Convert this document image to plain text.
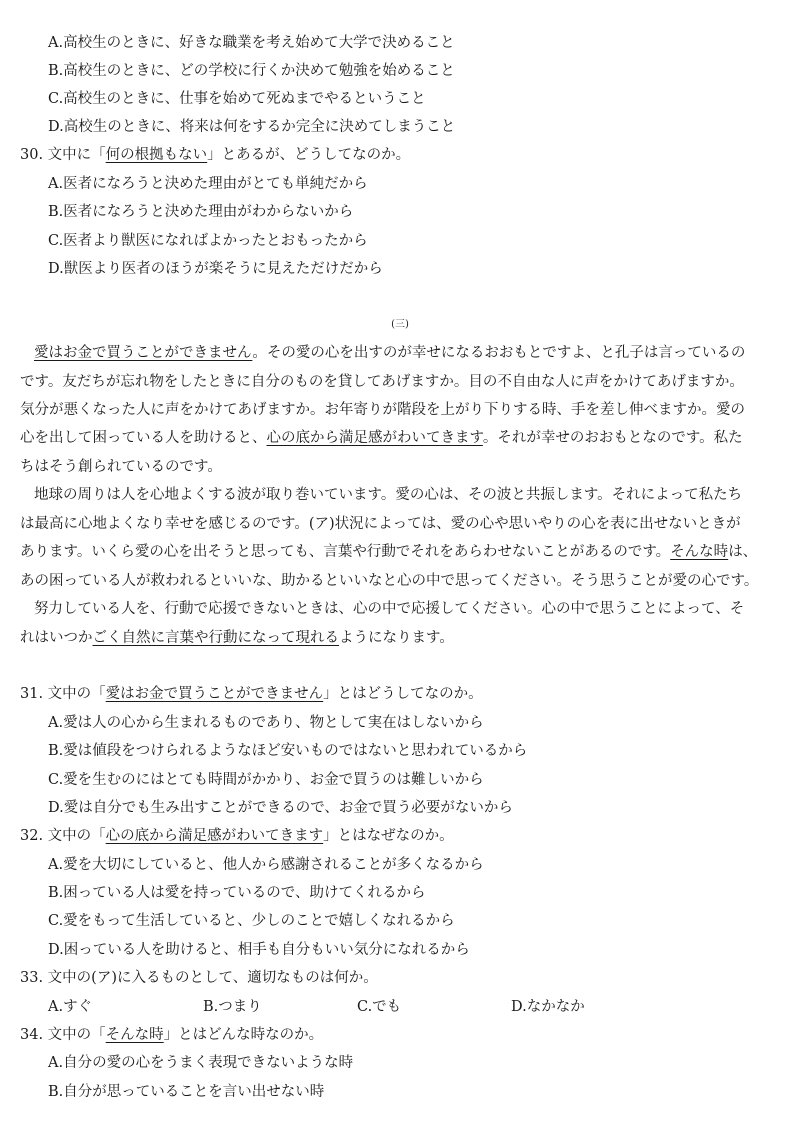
A.高校生のときに、好きな職業を考え始めて大学で決めること
B.高校生のときに、どの学校に行くか決めて勉強を始めること
C.高校生のときに、仕事を始めて死ぬまでやるということ
D.高校生のときに、将来は何をするか完全に決めてしまうこと
30. 文中に「何の根拠もない」とあるが、どうしてなのか。
A.医者になろうと決めた理由がとても単純だから
B.医者になろうと決めた理由がわからないから
C.医者より獣医になればよかったとおもったから
D.獣医より医者のほうが楽そうに見えただけだから
(三)
愛はお金で買うことができません。その愛の心を出すのが幸せになるおおもとですよ、と孔子は言っているの
です。友だちが忘れ物をしたときに自分のものを貸してあげますか。目の不自由な人に声をかけてあげますか。
気分が悪くなった人に声をかけてあげますか。お年寄りが階段を上がり下りする時、手を差し伸べますか。愛の
心を出して困っている人を助けると、心の底から満足感がわいてきます。それが幸せのおおもとなのです。私た
ちはそう創られているのです。
地球の周りは人を心地よくする波が取り巻いています。愛の心は、その波と共振します。それによって私たち
は最高に心地よくなり幸せを感じるのです。(ア)状況によっては、愛の心や思いやりの心を表に出せないときが
あります。いくら愛の心を出そうと思っても、言葉や行動でそれをあらわせないことがあるのです。そんな時は、
あの困っている人が救われるといいな、助かるといいなと心の中で思ってください。そう思うことが愛の心です。
努力している人を、行動で応援できないときは、心の中で応援してください。心の中で思うことによって、そ
れはいつかごく自然に言葉や行動になって現れるようになります。
31. 文中の「愛はお金で買うことができません」とはどうしてなのか。
A.愛は人の心から生まれるものであり、物として実在はしないから
B.愛は値段をつけられるようなほど安いものではないと思われているから
C.愛を生むのにはとても時間がかかり、お金で買うのは難しいから
D.愛は自分でも生み出すことができるので、お金で買う必要がないから
32. 文中の「心の底から満足感がわいてきます」とはなぜなのか。
A.愛を大切にしていると、他人から感謝されることが多くなるから
B.困っている人は愛を持っているので、助けてくれるから
C.愛をもって生活していると、少しのことで嬉しくなれるから
D.困っている人を助けると、相手も自分もいい気分になれるから
33. 文中の(ア)に入るものとして、適切なものは何か。
A.すぐ	B.つまり	C.でも	D.なかなか
34. 文中の「そんな時」とはどんな時なのか。
A.自分の愛の心をうまく表現できないような時
B.自分が思っていることを言い出せない時
